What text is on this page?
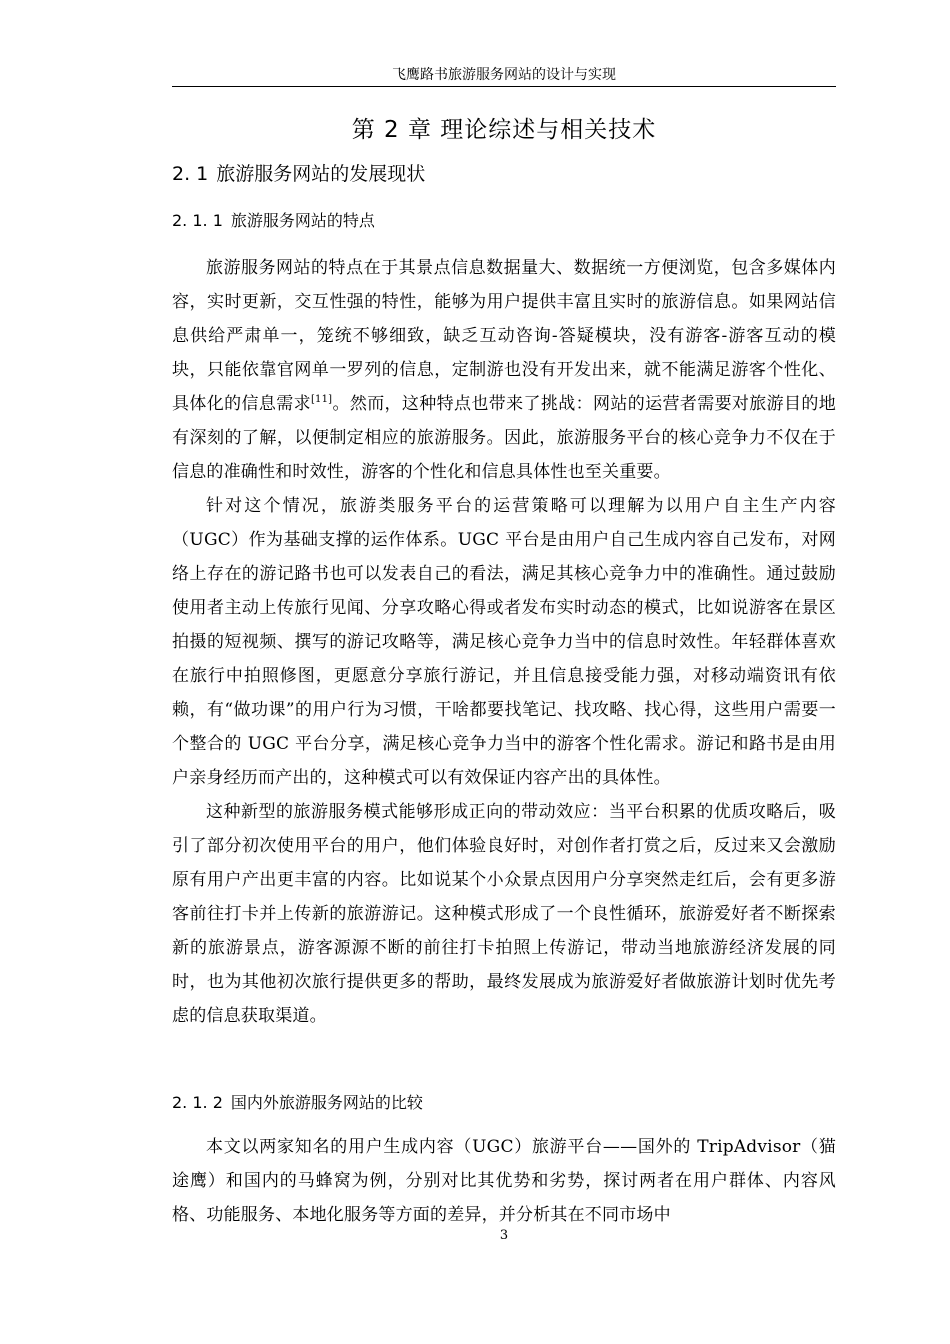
飞鹰路书旅游服务网站的设计与实现
第 2 章 理论综述与相关技术
2. 1 旅游服务网站的发展现状
2. 1. 1 旅游服务网站的特点

旅游服务网站的特点在于其景点信息数据量大、数据统一方便浏览，包含多媒体内容，实时更新，交互性强的特性，能够为用户提供丰富且实时的旅游信息。如果网站信息供给严肃单一，笼统不够细致，缺乏互动咨询-答疑模块，没有游客-游客互动的模块，只能依靠官网单一罗列的信息，定制游也没有开发出来，就不能满足游客个性化、具体化的信息需求[11]。然而，这种特点也带来了挑战：网站的运营者需要对旅游目的地有深刻的了解，以便制定相应的旅游服务。因此，旅游服务平台的核心竞争力不仅在于信息的准确性和时效性，游客的个性化和信息具体性也至关重要。

针对这个情况，旅游类服务平台的运营策略可以理解为以用户自主生产内容（UGC）作为基础支撑的运作体系。UGC 平台是由用户自己生成内容自己发布，对网络上存在的游记路书也可以发表自己的看法，满足其核心竞争力中的准确性。通过鼓励使用者主动上传旅行见闻、分享攻略心得或者发布实时动态的模式，比如说游客在景区拍摄的短视频、撰写的游记攻略等，满足核心竞争力当中的信息时效性。年轻群体喜欢在旅行中拍照修图，更愿意分享旅行游记，并且信息接受能力强，对移动端资讯有依赖，有“做功课”的用户行为习惯，干啥都要找笔记、找攻略、找心得，这些用户需要一个整合的 UGC 平台分享，满足核心竞争力当中的游客个性化需求。游记和路书是由用户亲身经历而产出的，这种模式可以有效保证内容产出的具体性。

这种新型的旅游服务模式能够形成正向的带动效应：当平台积累的优质攻略后，吸引了部分初次使用平台的用户，他们体验良好时，对创作者打赏之后，反过来又会激励原有用户产出更丰富的内容。比如说某个小众景点因用户分享突然走红后，会有更多游客前往打卡并上传新的旅游游记。这种模式形成了一个良性循环，旅游爱好者不断探索新的旅游景点，游客源源不断的前往打卡拍照上传游记，带动当地旅游经济发展的同时，也为其他初次旅行提供更多的帮助，最终发展成为旅游爱好者做旅游计划时优先考虑的信息获取渠道。

2. 1. 2 国内外旅游服务网站的比较

本文以两家知名的用户生成内容（UGC）旅游平台——国外的 TripAdvisor（猫途鹰）和国内的马蜂窝为例，分别对比其优势和劣势，探讨两者在用户群体、内容风格、功能服务、本地化服务等方面的差异，并分析其在不同市场中

3
